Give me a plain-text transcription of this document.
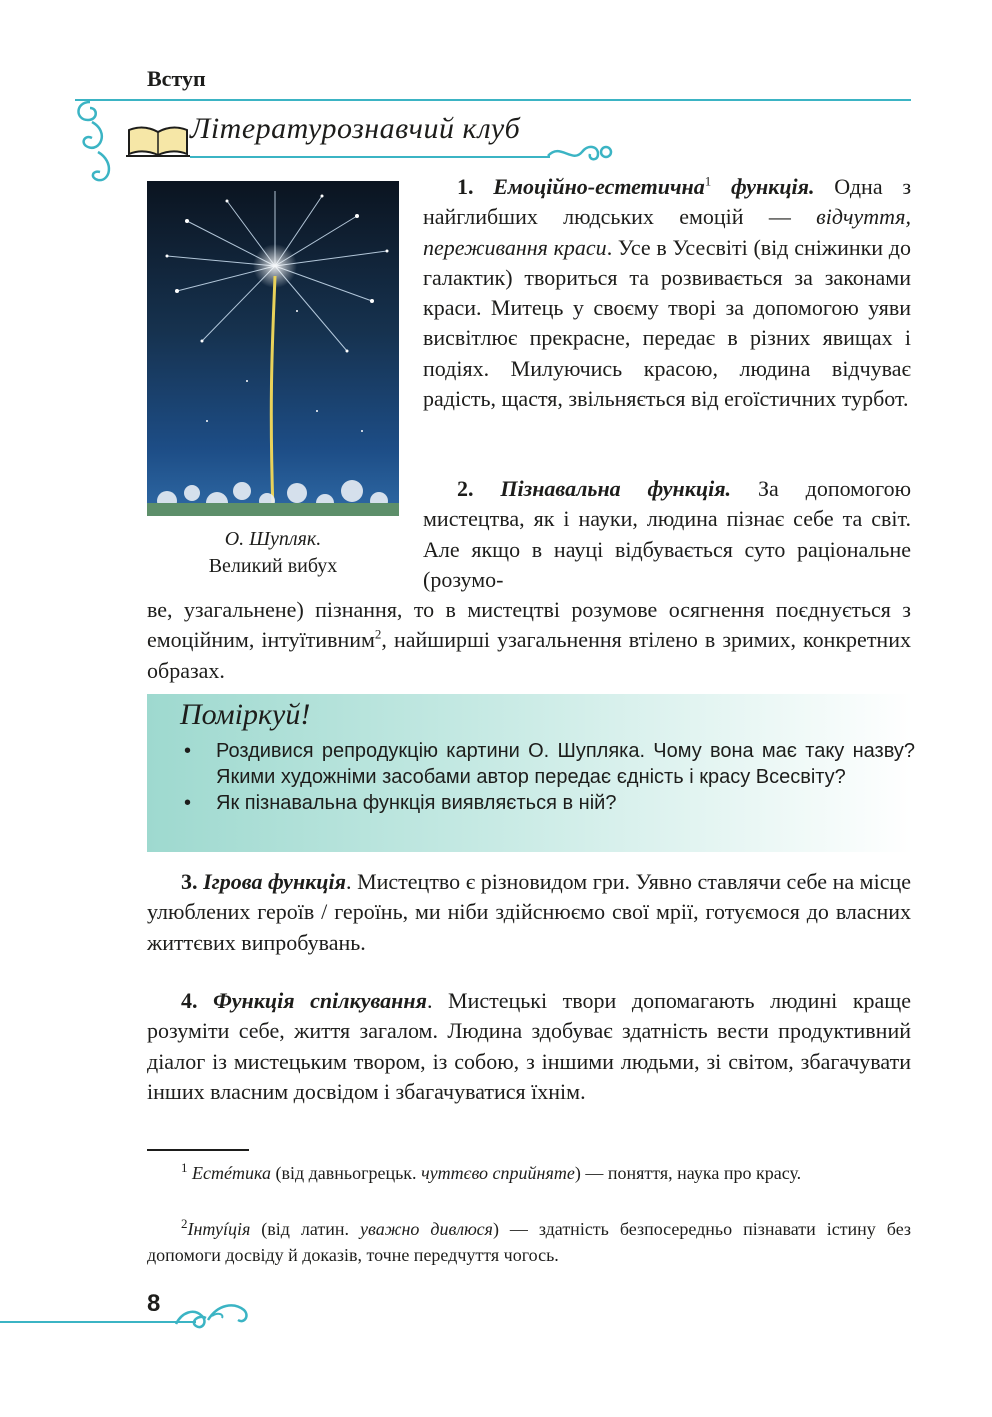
Вступ
Літературознавчий клуб
О. Шупляк.
Великий вибух
1. Емоційно-естетична$^1$ функція. Одна з найглибших людських емоцій — відчуття, переживання краси. Усе в Усесвіті (від сніжинки до галактик) твориться та розвивається за законами краси. Митець у своєму творі за допомогою уяви висвітлює прекрасне, передає в різних явищах і подіях. Милуючись красою, людина відчуває радість, щастя, звільняється від егоїстичних турбот.
2. Пізнавальна функція. За допомогою мистецтва, як і науки, людина пізнає себе та світ. Але якщо в науці відбувається суто раціональне (розумо-
ве, узагальнене) пізнання, то в мистецтві розумове осягнення поєднується з емоційним, інтуїтивним$^2$, найширші узагальнення втілено в зримих, конкретних образах.
Поміркуй!
• Роздивися репродукцію картини О. Шупляка. Чому вона має таку назву? Якими художніми засобами автор передає єдність і красу Всесвіту?
• Як пізнавальна функція виявляється в ній?
3. Ігрова функція. Мистецтво є різновидом гри. Уявно ставлячи себе на місце улюблених героїв / героїнь, ми ніби здійснюємо свої мрії, готуємося до власних життєвих випробувань.
4. Функція спілкування. Мистецькі твори допомагають людині краще розуміти себе, життя загалом. Людина здобуває здатність вести продуктивний діалог із мистецьким твором, із собою, з іншими людьми, зі світом, збагачувати інших власним досвідом і збагачуватися їхнім.
$^1$ Естéтика (від давньогрецьк. чуттєво сприйняте) — поняття, наука про красу.
$^2$Інтуíція (від латин. уважно дивлюся) — здатність безпосередньо пізнавати істину без допомоги досвіду й доказів, точне передчуття чогось.
8
